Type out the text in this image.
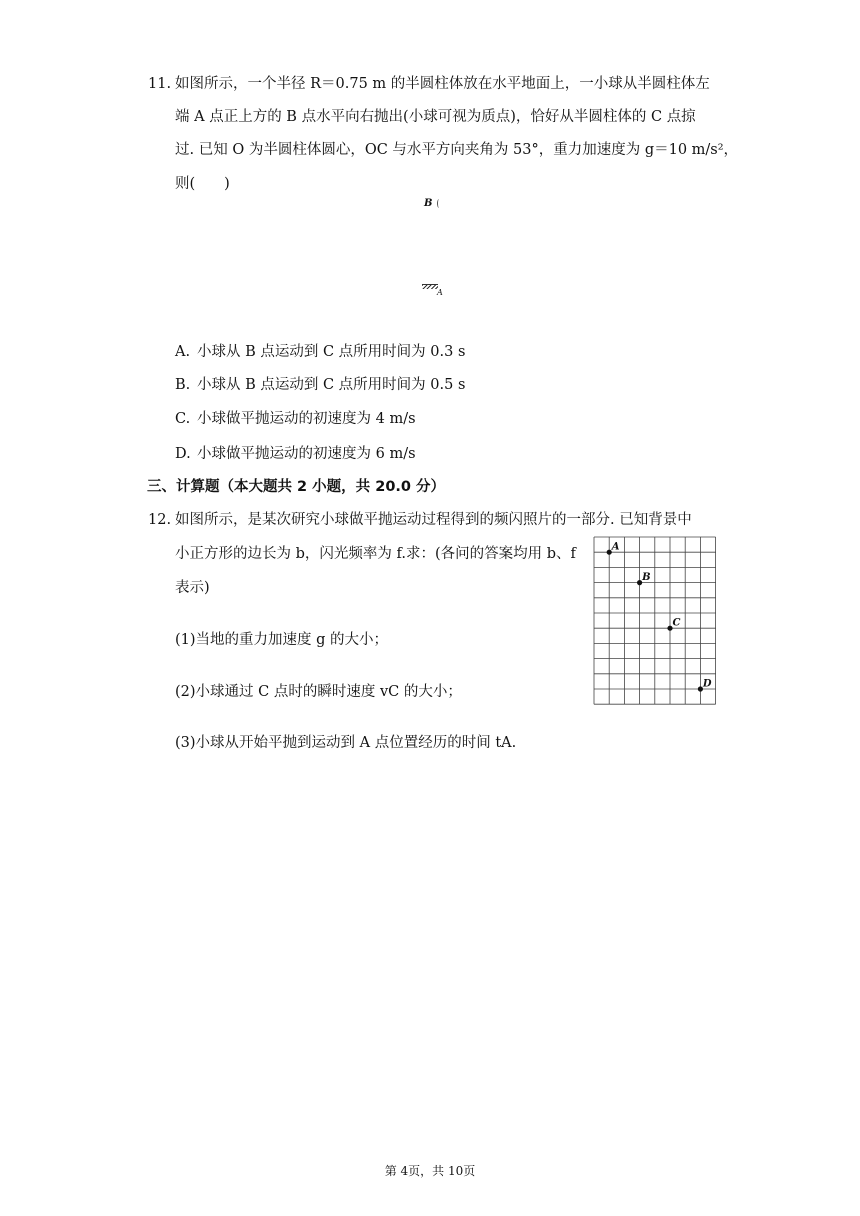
11. 如图所示，一个半径 R＝0.75 m 的半圆柱体放在水平地面上，一小球从半圆柱体左
端 A 点正上方的 B 点水平向右抛出(小球可视为质点)，恰好从半圆柱体的 C 点掠
过. 已知 O 为半圆柱体圆心，OC 与水平方向夹角为 53°，重力加速度为 g＝10 m/s²，
则(　　)
B
A
A. 小球从 B 点运动到 C 点所用时间为 0.3 s
B. 小球从 B 点运动到 C 点所用时间为 0.5 s
C. 小球做平抛运动的初速度为 4 m/s
D. 小球做平抛运动的初速度为 6 m/s
三、计算题（本大题共 2 小题，共 20.0 分）
12. 如图所示，是某次研究小球做平抛运动过程得到的频闪照片的一部分. 已知背景中
小正方形的边长为 b，闪光频率为 f.求：(各问的答案均用 b、f
表示)
(1)当地的重力加速度 g 的大小；
(2)小球通过 C 点时的瞬时速度 vC 的大小；
(3)小球从开始平抛到运动到 A 点位置经历的时间 tA.
A
B
C
D
第 4页，共 10页
